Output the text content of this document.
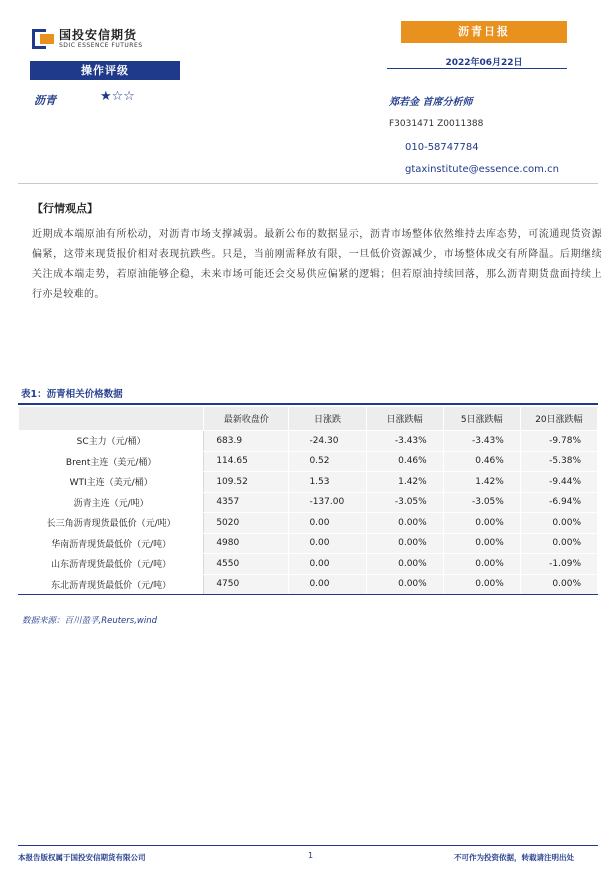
国投安信期货
SDIC ESSENCE FUTURES
沥青日报
2022年06月22日
操作评级
沥青	★☆☆	郑若金 首席分析师
F3031471 Z0011388
010-58747784
gtaxinstitute@essence.com.cn
【行情观点】
近期成本端原油有所松动，对沥青市场支撑减弱。最新公布的数据显示，沥青市场整体依然维持去库态势，可流通现货资源偏紧，这带来现货报价相对表现抗跌些。只是，当前刚需释放有限，一旦低价资源减少，市场整体成交有所降温。后期继续关注成本端走势，若原油能够企稳，未来市场可能还会交易供应偏紧的逻辑；但若原油持续回落，那么沥青期货盘面持续上行亦是较难的。
表1：沥青相关价格数据
	最新收盘价	日涨跌	日涨跌幅	5日涨跌幅	20日涨跌幅
SC主力（元/桶）	683.9	-24.30	-3.43%	-3.43%	-9.78%
Brent主连（美元/桶）	114.65	0.52	0.46%	0.46%	-5.38%
WTI主连（美元/桶）	109.52	1.53	1.42%	1.42%	-9.44%
沥青主连（元/吨）	4357	-137.00	-3.05%	-3.05%	-6.94%
长三角沥青现货最低价（元/吨）	5020	0.00	0.00%	0.00%	0.00%
华南沥青现货最低价（元/吨）	4980	0.00	0.00%	0.00%	0.00%
山东沥青现货最低价（元/吨）	4550	0.00	0.00%	0.00%	-1.09%
东北沥青现货最低价（元/吨）	4750	0.00	0.00%	0.00%	0.00%
数据来源：百川盈孚,Reuters,wind
本报告版权属于国投安信期货有限公司	1	不可作为投资依据，转载请注明出处
